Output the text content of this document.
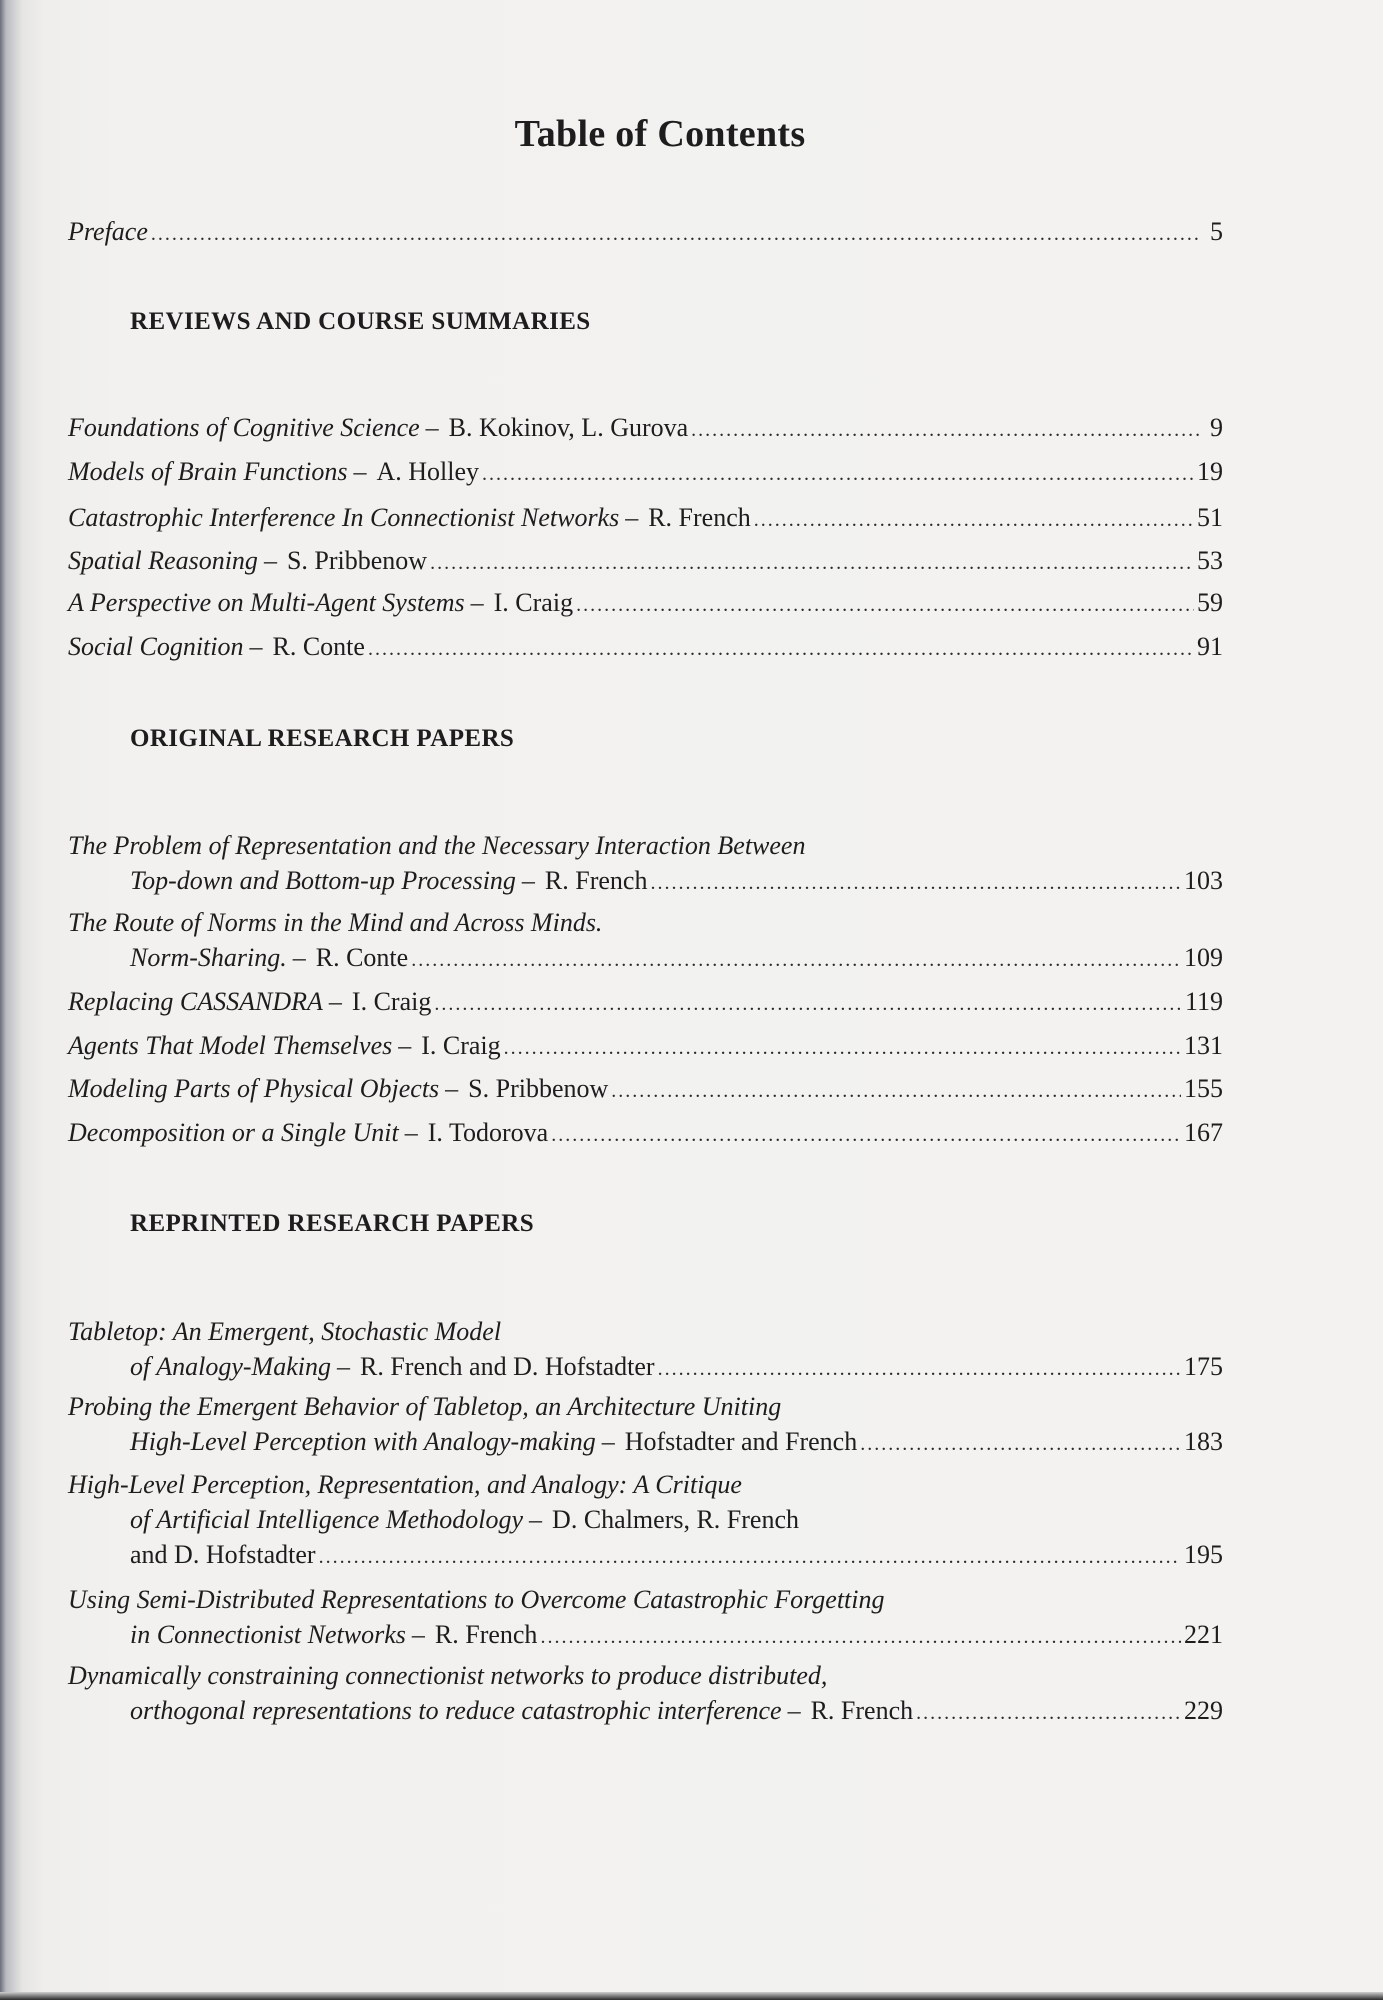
Table of Contents
Preface .....	5
REVIEWS AND COURSE SUMMARIES
Foundations of Cognitive Science – B. Kokinov, L. Gurova .....	9
Models of Brain Functions – A. Holley .....	19
Catastrophic Interference In Connectionist Networks – R. French .....	51
Spatial Reasoning – S. Pribbenow .....	53
A Perspective on Multi-Agent Systems – I. Craig .....	59
Social Cognition – R. Conte .....	91
ORIGINAL RESEARCH PAPERS
The Problem of Representation and the Necessary Interaction Between
Top-down and Bottom-up Processing – R. French .....	103
The Route of Norms in the Mind and Across Minds.
Norm-Sharing. – R. Conte .....	109
Replacing CASSANDRA – I. Craig .....	119
Agents That Model Themselves – I. Craig .....	131
Modeling Parts of Physical Objects – S. Pribbenow .....	155
Decomposition or a Single Unit – I. Todorova .....	167
REPRINTED RESEARCH PAPERS
Tabletop: An Emergent, Stochastic Model
of Analogy-Making – R. French and D. Hofstadter .....	175
Probing the Emergent Behavior of Tabletop, an Architecture Uniting
High-Level Perception with Analogy-making – Hofstadter and French .....	183
High-Level Perception, Representation, and Analogy: A Critique
of Artificial Intelligence Methodology – D. Chalmers, R. French
and D. Hofstadter .....	195
Using Semi-Distributed Representations to Overcome Catastrophic Forgetting
in Connectionist Networks – R. French .....	221
Dynamically constraining connectionist networks to produce distributed,
orthogonal representations to reduce catastrophic interference – R. French .....	229
